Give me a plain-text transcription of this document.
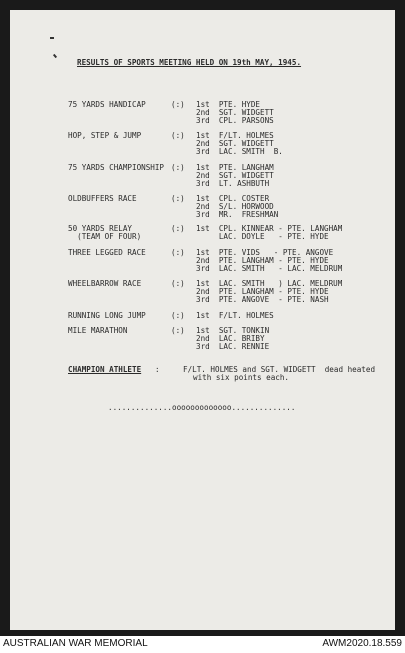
RESULTS OF SPORTS MEETING HELD ON 19th MAY, 1945.
75 YARDS HANDICAP	(:) 1st  PTE. HYDE
2nd  SGT. WIDGETT
3rd  CPL. PARSONS
HOP, STEP & JUMP	(:) 1st  F/LT. HOLMES
2nd  SGT. WIDGETT
3rd  LAC. SMITH  B.
75 YARDS CHAMPIONSHIP (:) 1st  PTE. LANGHAM
2nd  SGT. WIDGETT
3rd  LT. ASHBUTH
OLDBUFFERS RACE	(:) 1st  CPL. COSTER
2nd  S/L. HORWOOD
3rd  MR.  FRESHMAN
50 YARDS RELAY
(TEAM OF FOUR)
(:) 1st  CPL. KINNEAR - PTE. LANGHAM
LAC. DOYLE   - PTE. HYDE
THREE LEGGED RACE	(:) 1st  PTE. VIDS   - PTE. ANGOVE
2nd  PTE. LANGHAM - PTE. HYDE
3rd  LAC. SMITH   - LAC. MELDRUM
WHEELBARROW RACE	(:) 1st  LAC. SMITH   ) LAC. MELDRUM
2nd  PTE. LANGHAM - PTE. HYDE
3rd  PTE. ANGOVE  - PTE. NASH
RUNNING LONG JUMP	(:) 1st  F/LT. HOLMES
MILE MARATHON	(:) 1st  SGT. TONKIN
2nd  LAC. BRIBY
3rd  LAC. RENNIE
CHAMPION ATHLETE :	F/LT. HOLMES and SGT. WIDGETT  dead heated
with six points each.
..............ooooooooooooo..............
AUSTRALIAN WAR MEMORIAL	AWM2020.18.559
